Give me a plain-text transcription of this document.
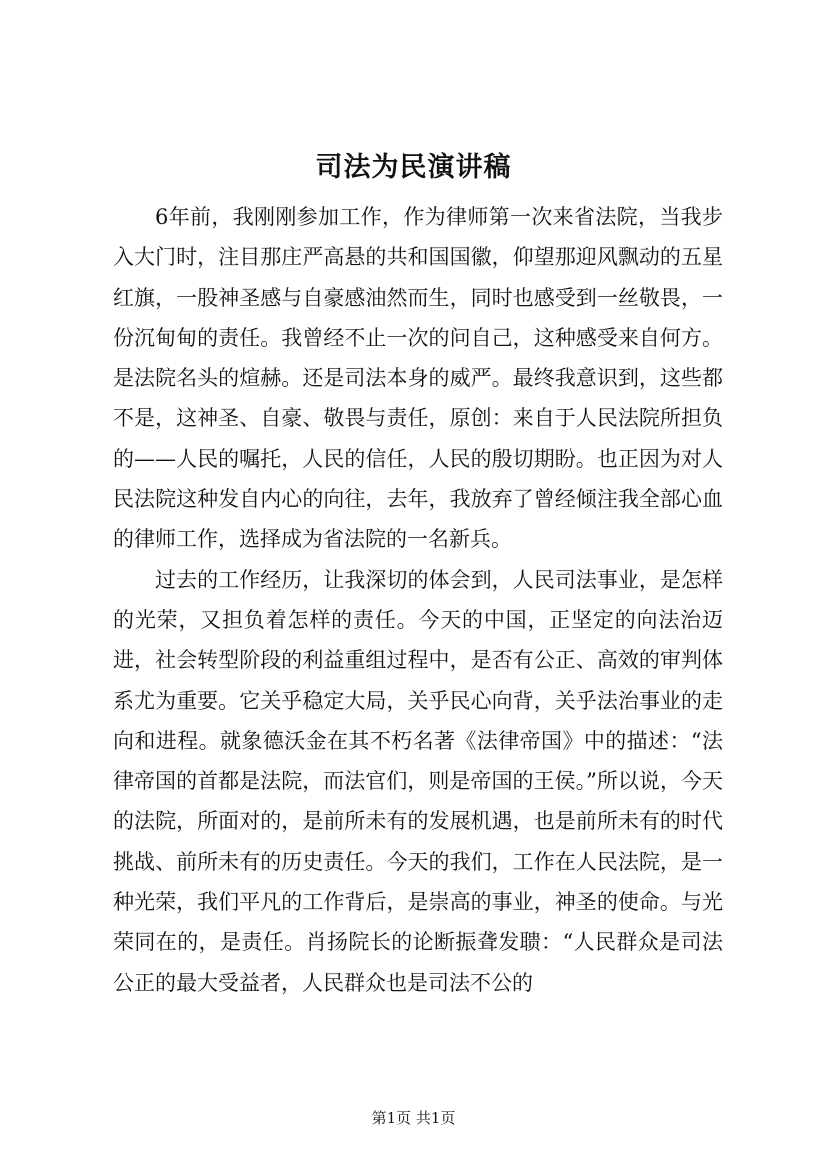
司法为民演讲稿

6年前，我刚刚参加工作，作为律师第一次来省法院，当我步入大门时，注目那庄严高悬的共和国国徽，仰望那迎风飘动的五星红旗，一股神圣感与自豪感油然而生，同时也感受到一丝敬畏，一份沉甸甸的责任。我曾经不止一次的问自己，这种感受来自何方。是法院名头的煊赫。还是司法本身的威严。最终我意识到，这些都不是，这神圣、自豪、敬畏与责任，原创：来自于人民法院所担负的——人民的嘱托，人民的信任，人民的殷切期盼。也正因为对人民法院这种发自内心的向往，去年，我放弃了曾经倾注我全部心血的律师工作，选择成为省法院的一名新兵。

过去的工作经历，让我深切的体会到，人民司法事业，是怎样的光荣，又担负着怎样的责任。今天的中国，正坚定的向法治迈进，社会转型阶段的利益重组过程中，是否有公正、高效的审判体系尤为重要。它关乎稳定大局，关乎民心向背，关乎法治事业的走向和进程。就象德沃金在其不朽名著《法律帝国》中的描述：“法律帝国的首都是法院，而法官们，则是帝国的王侯。”所以说，今天的法院，所面对的，是前所未有的发展机遇，也是前所未有的时代挑战、前所未有的历史责任。今天的我们，工作在人民法院，是一种光荣，我们平凡的工作背后，是崇高的事业，神圣的使命。与光荣同在的，是责任。肖扬院长的论断振聋发聩：“人民群众是司法公正的最大受益者，人民群众也是司法不公的

第1页 共1页
